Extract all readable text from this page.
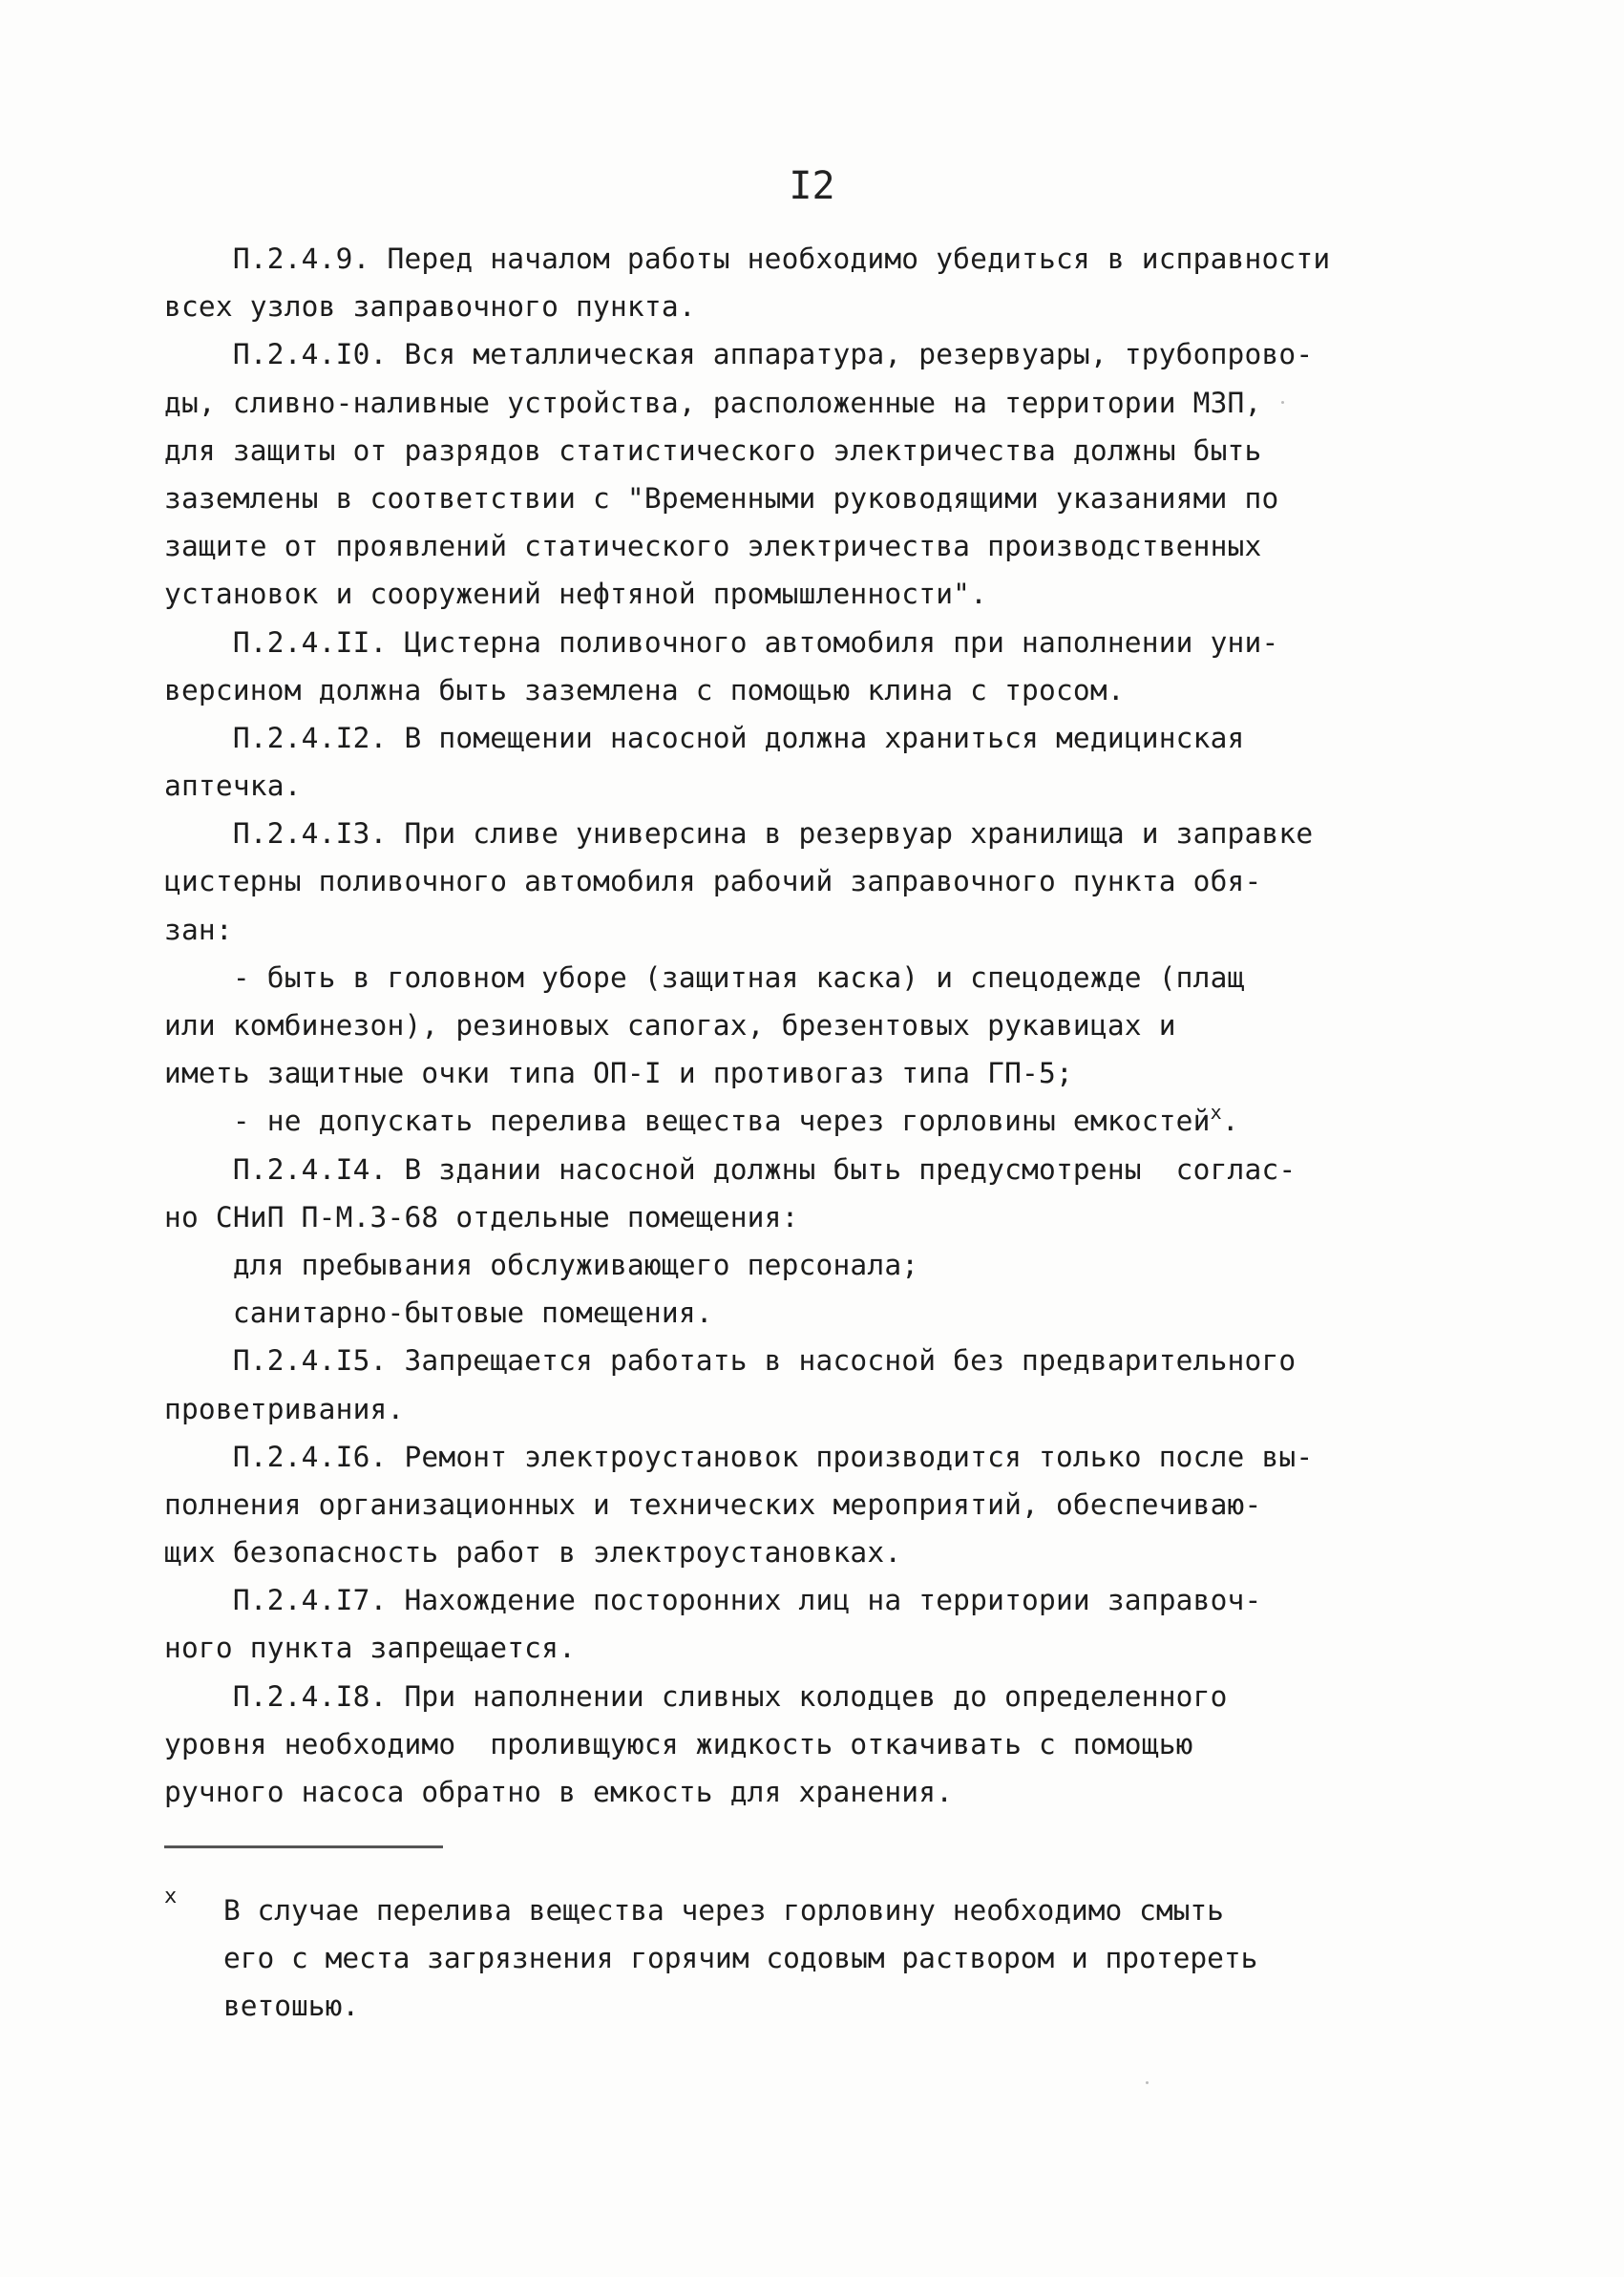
I2
П.2.4.9. Перед началом работы необходимо убедиться в исправности
всех узлов заправочного пункта.
П.2.4.I0. Вся металлическая аппаратура, резервуары, трубопрово-
ды, сливно-наливные устройства, расположенные на территории МЗП,
для защиты от разрядов статистического электричества должны быть
заземлены в соответствии с "Временными руководящими указаниями по
защите от проявлений статического электричества производственных
установок и сооружений нефтяной промышленности".
П.2.4.II. Цистерна поливочного автомобиля при наполнении уни-
версином должна быть заземлена с помощью клина с тросом.
П.2.4.I2. В помещении насосной должна храниться медицинская
аптечка.
П.2.4.I3. При сливе универсина в резервуар хранилища и заправке
цистерны поливочного автомобиля рабочий заправочного пункта обя-
зан:
- быть в головном уборе (защитная каска) и спецодежде (плащ
или комбинезон), резиновых сапогах, брезентовых рукавицах и
иметь защитные очки типа ОП-I и противогаз типа ГП-5;
- не допускать перелива вещества через горловины емкостей$^x$.
П.2.4.I4. В здании насосной должны быть предусмотрены  соглас-
но СНиП П-М.3-68 отдельные помещения:
для пребывания обслуживающего персонала;
санитарно-бытовые помещения.
П.2.4.I5. Запрещается работать в насосной без предварительного
проветривания.
П.2.4.I6. Ремонт электроустановок производится только после вы-
полнения организационных и технических мероприятий, обеспечиваю-
щих безопасность работ в электроустановках.
П.2.4.I7. Нахождение посторонних лиц на территории заправоч-
ного пункта запрещается.
П.2.4.I8. При наполнении сливных колодцев до определенного
уровня необходимо  проливщуюся жидкость откачивать с помощью
ручного насоса обратно в емкость для хранения.

x

В случае перелива вещества через горловину необходимо смыть
его с места загрязнения горячим содовым раствором и протереть
ветошью.
